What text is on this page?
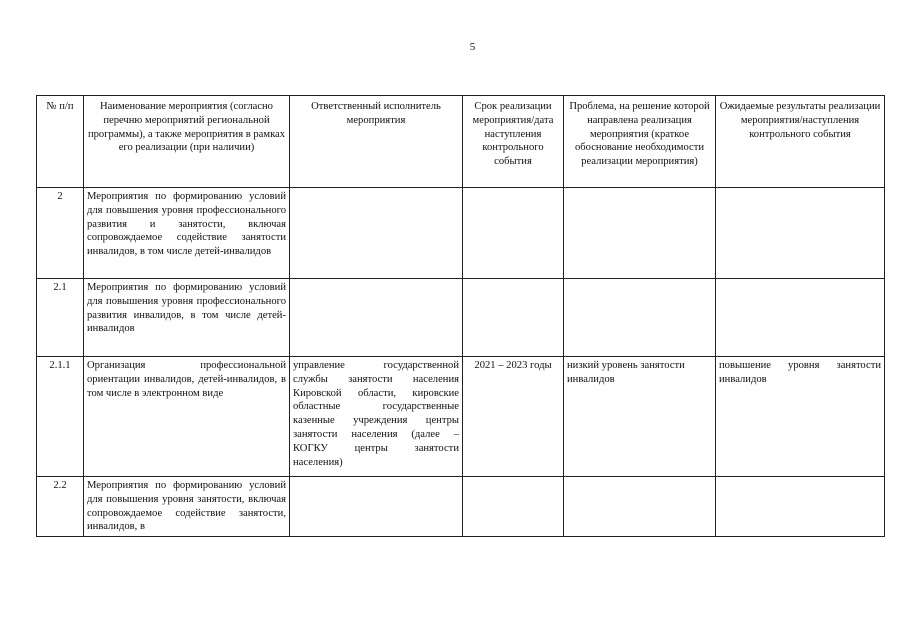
5
№ п/п	Наименование мероприятия (согласно перечню мероприятий региональной программы), а также мероприятия в рамках его реализации (при наличии)	Ответственный исполнитель мероприятия	Срок реализации мероприятия/дата наступления контрольного события	Проблема, на решение которой направлена реализация мероприятия (краткое обоснование необходимости реализации мероприятия)	Ожидаемые результаты реализации мероприятия/наступления контрольного события
2	Мероприятия по формированию условий для повышения уровня профессионального развития и занятости, включая сопровождаемое содействие занятости инвалидов, в том числе детей-инвалидов				
2.1	Мероприятия по формированию условий для повышения уровня профессионального развития инвалидов, в том числе детей-инвалидов				
2.1.1	Организация профессиональной ориентации инвалидов, детей-инвалидов, в том числе в электронном виде	управление государственной службы занятости населения Кировской области, кировские областные государственные казенные учреждения центры занятости населения (далее – КОГКУ центры занятости населения)	2021 – 2023 годы	низкий уровень занятости инвалидов	повышение уровня занятости инвалидов
2.2	Мероприятия по формированию условий для повышения уровня занятости, включая сопровождаемое содействие занятости, инвалидов, в				
